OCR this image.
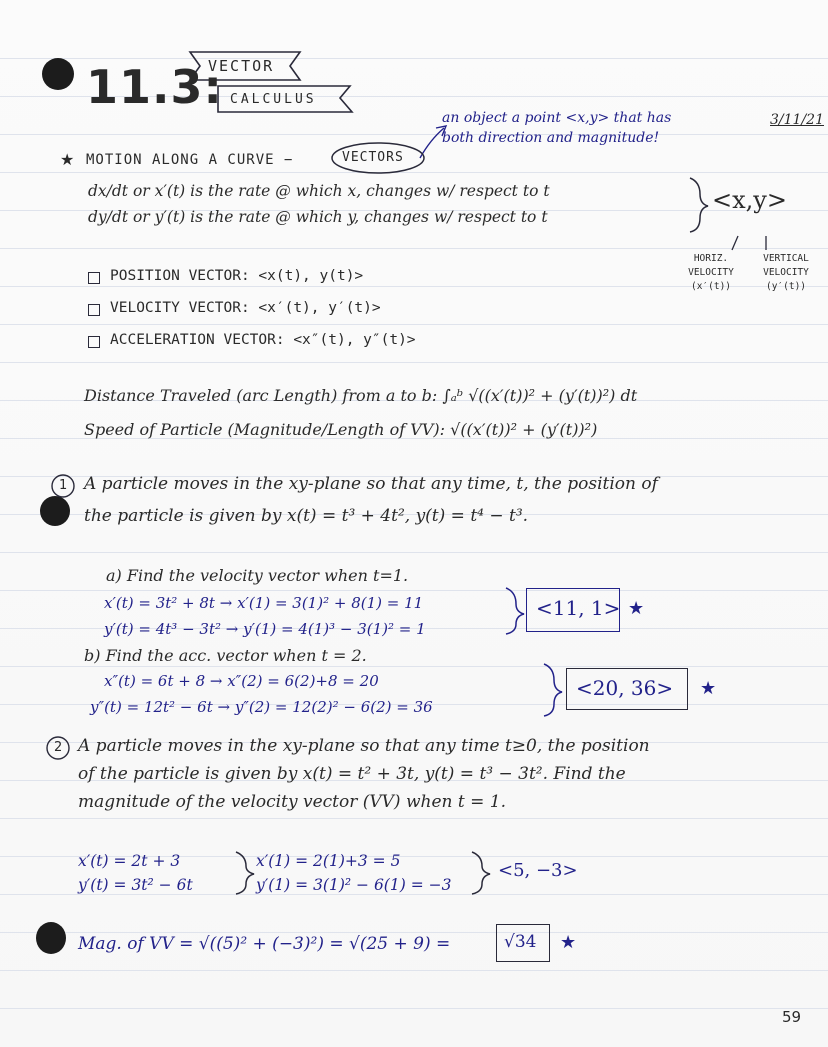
11.3:
VECTOR
CALCULUS
3/11/21
an object a point <x,y> that has both direction and magnitude!
★ MOTION ALONG A CURVE −	VECTORS
dx/dt or x′(t) is the rate @ which x, changes w/ respect to t
dy/dt or y′(t) is the rate @ which y, changes w/ respect to t
<x,y>
HORIZ. VELOCITY (x′(t))
VERTICAL VELOCITY (y′(t))
POSITION VECTOR: <x(t), y(t)>
VELOCITY VECTOR: <x′(t), y′(t)>
ACCELERATION VECTOR: <x″(t), y″(t)>
Distance Traveled (arc Length) from a to b: ∫ₐᵇ √((x′(t))² + (y′(t))²) dt
Speed of Particle (Magnitude/Length of VV): √((x′(t))² + (y′(t))²)
1 A particle moves in the xy-plane so that any time, t, the position of
the particle is given by x(t) = t³ + 4t², y(t) = t⁴ − t³.
a) Find the velocity vector when t=1.
x′(t) = 3t² + 8t → x′(1) = 3(1)² + 8(1) = 11
y′(t) = 4t³ − 3t² → y′(1) = 4(1)³ − 3(1)² = 1
<11, 1> ★
b) Find the acc. vector when t = 2.
x″(t) = 6t + 8 → x″(2) = 6(2)+8 = 20
y″(t) = 12t² − 6t → y″(2) = 12(2)² − 6(2) = 36
<20, 36> ★
2 A particle moves in the xy-plane so that any time t≥0, the position
of the particle is given by x(t) = t² + 3t, y(t) = t³ − 3t². Find the
magnitude of the velocity vector (VV) when t = 1.
x′(t) = 2t + 3
y′(t) = 3t² − 6t
x′(1) = 2(1)+3 = 5
y′(1) = 3(1)² − 6(1) = −3
<5, −3>
Mag. of VV = √((5)² + (−3)²) = √(25 + 9) =	√34 ★
59
